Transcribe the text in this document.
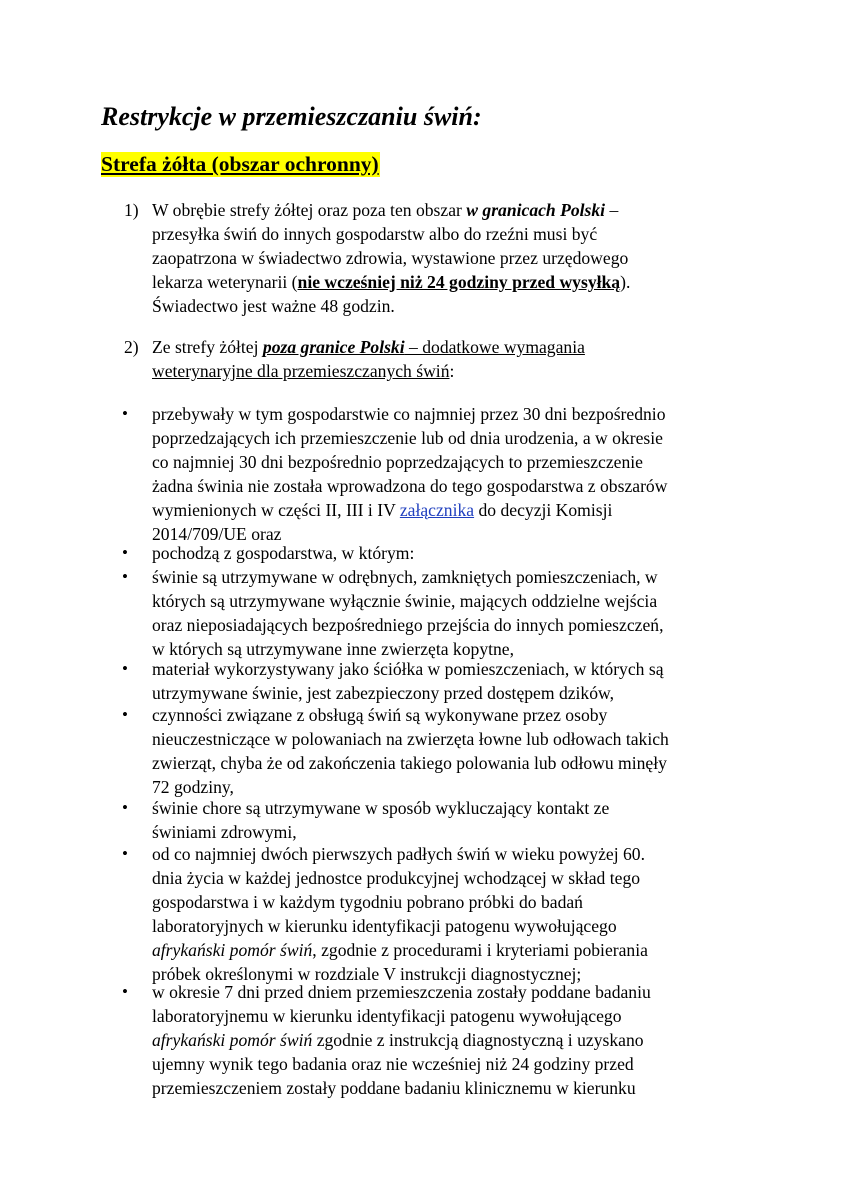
Restrykcje w przemieszczaniu świń:
Strefa żółta (obszar ochronny)
1) W obrębie strefy żółtej oraz poza ten obszar w granicach Polski –
przesyłka świń do innych gospodarstw albo do rzeźni musi być
zaopatrzona w świadectwo zdrowia, wystawione przez urzędowego
lekarza weterynarii (nie wcześniej niż 24 godziny przed wysyłką).
Świadectwo jest ważne 48 godzin.
2) Ze strefy żółtej poza granice Polski – dodatkowe wymagania
weterynaryjne dla przemieszczanych świń:
• przebywały w tym gospodarstwie co najmniej przez 30 dni bezpośrednio
poprzedzających ich przemieszczenie lub od dnia urodzenia, a w okresie
co najmniej 30 dni bezpośrednio poprzedzających to przemieszczenie
żadna świnia nie została wprowadzona do tego gospodarstwa z obszarów
wymienionych w części II, III i IV załącznika do decyzji Komisji
2014/709/UE oraz
• pochodzą z gospodarstwa, w którym:
• świnie są utrzymywane w odrębnych, zamkniętych pomieszczeniach, w
których są utrzymywane wyłącznie świnie, mających oddzielne wejścia
oraz nieposiadających bezpośredniego przejścia do innych pomieszczeń,
w których są utrzymywane inne zwierzęta kopytne,
• materiał wykorzystywany jako ściółka w pomieszczeniach, w których są
utrzymywane świnie, jest zabezpieczony przed dostępem dzików,
• czynności związane z obsługą świń są wykonywane przez osoby
nieuczestniczące w polowaniach na zwierzęta łowne lub odłowach takich
zwierząt, chyba że od zakończenia takiego polowania lub odłowu minęły
72 godziny,
• świnie chore są utrzymywane w sposób wykluczający kontakt ze
świniami zdrowymi,
• od co najmniej dwóch pierwszych padłych świń w wieku powyżej 60.
dnia życia w każdej jednostce produkcyjnej wchodzącej w skład tego
gospodarstwa i w każdym tygodniu pobrano próbki do badań
laboratoryjnych w kierunku identyfikacji patogenu wywołującego
afrykański pomór świń, zgodnie z procedurami i kryteriami pobierania
próbek określonymi w rozdziale V instrukcji diagnostycznej;
• w okresie 7 dni przed dniem przemieszczenia zostały poddane badaniu
laboratoryjnemu w kierunku identyfikacji patogenu wywołującego
afrykański pomór świń zgodnie z instrukcją diagnostyczną i uzyskano
ujemny wynik tego badania oraz nie wcześniej niż 24 godziny przed
przemieszczeniem zostały poddane badaniu klinicznemu w kierunku
